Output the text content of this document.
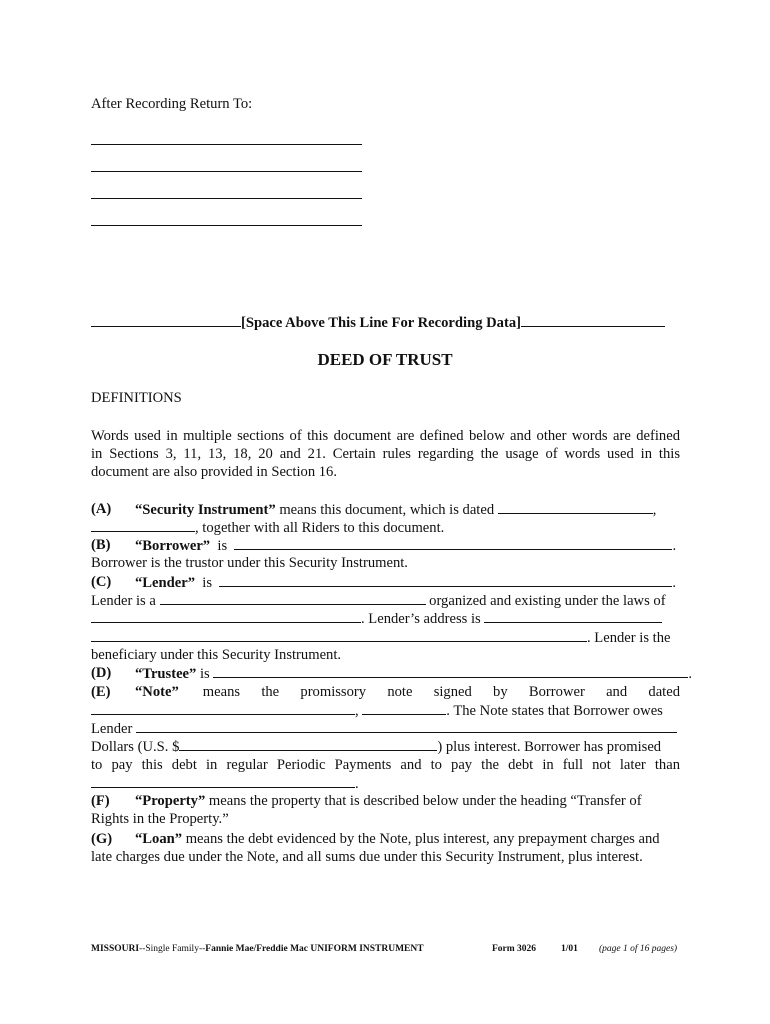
After Recording Return To:
[Space Above This Line For Recording Data]
DEED OF TRUST
DEFINITIONS
Words used in multiple sections of this document are defined below and other words are defined
in Sections 3, 11, 13, 18, 20 and 21. Certain rules regarding the usage of words used in this
document are also provided in Section 16.
(A) “Security Instrument” means this document, which is dated	,
, together with all Riders to this document.
(B) “Borrower” is	.
Borrower is the trustor under this Security Instrument.
(C) “Lender” is	.
Lender is a	organized and existing under the laws of
. Lender’s address is
. Lender is the
beneficiary under this Security Instrument.
(D) “Trustee” is	.
(E) “Note”	means the promissory note signed by Borrower and dated
,	. The Note states that Borrower owes
Lender
Dollars (U.S. $	) plus interest. Borrower has promised
to pay this debt in regular Periodic Payments and to pay the debt in full not later than
.
(F) “Property” means the property that is described below under the heading “Transfer of
Rights in the Property.”
(G) “Loan” means the debt evidenced by the Note, plus interest, any prepayment charges and
late charges due under the Note, and all sums due under this Security Instrument, plus interest.
MISSOURI--Single Family--Fannie Mae/Freddie Mac UNIFORM INSTRUMENT	Form 3026	1/01 (page 1 of 16 pages)
